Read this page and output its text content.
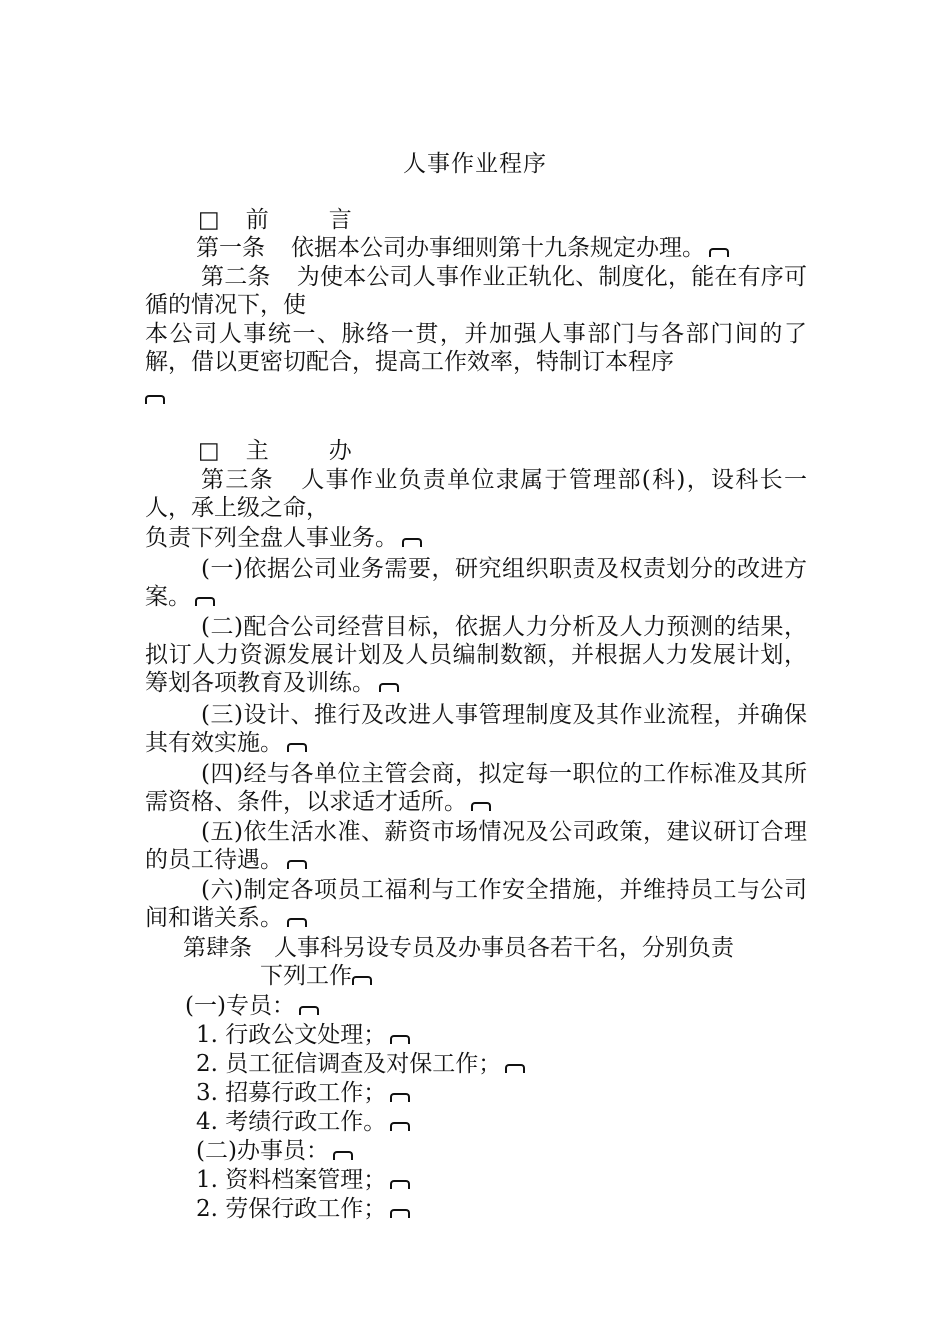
人事作业程序
□ 前	言
第一条 依据本公司办事细则第十九条规定办理。
第二条 为使本公司人事作业正轨化、制度化，能在有序可循的情况下，使
本公司人事统一、脉络一贯，并加强人事部门与各部门间的了解，借以更密切配合，提高工作效率，特制订本程序
□ 主	办
第三条 人事作业负责单位隶属于管理部(科)，设科长一人，承上级之命，
负责下列全盘人事业务。
(一)依据公司业务需要，研究组织职责及权责划分的改进方案。
(二)配合公司经营目标，依据人力分析及人力预测的结果，拟订人力资源发展计划及人员编制数额，并根据人力发展计划，筹划各项教育及训练。
(三)设计、推行及改进人事管理制度及其作业流程，并确保其有效实施。
(四)经与各单位主管会商，拟定每一职位的工作标准及其所需资格、条件，以求适才适所。
(五)依生活水准、薪资市场情况及公司政策，建议研订合理的员工待遇。
(六)制定各项员工福利与工作安全措施，并维持员工与公司间和谐关系。
第肆条 人事科另设专员及办事员各若干名，分别负责
下列工作
(一)专员：
1. 行政公文处理；
2. 员工征信调查及对保工作；
3. 招募行政工作；
4. 考绩行政工作。
(二)办事员：
1. 资料档案管理；
2. 劳保行政工作；
